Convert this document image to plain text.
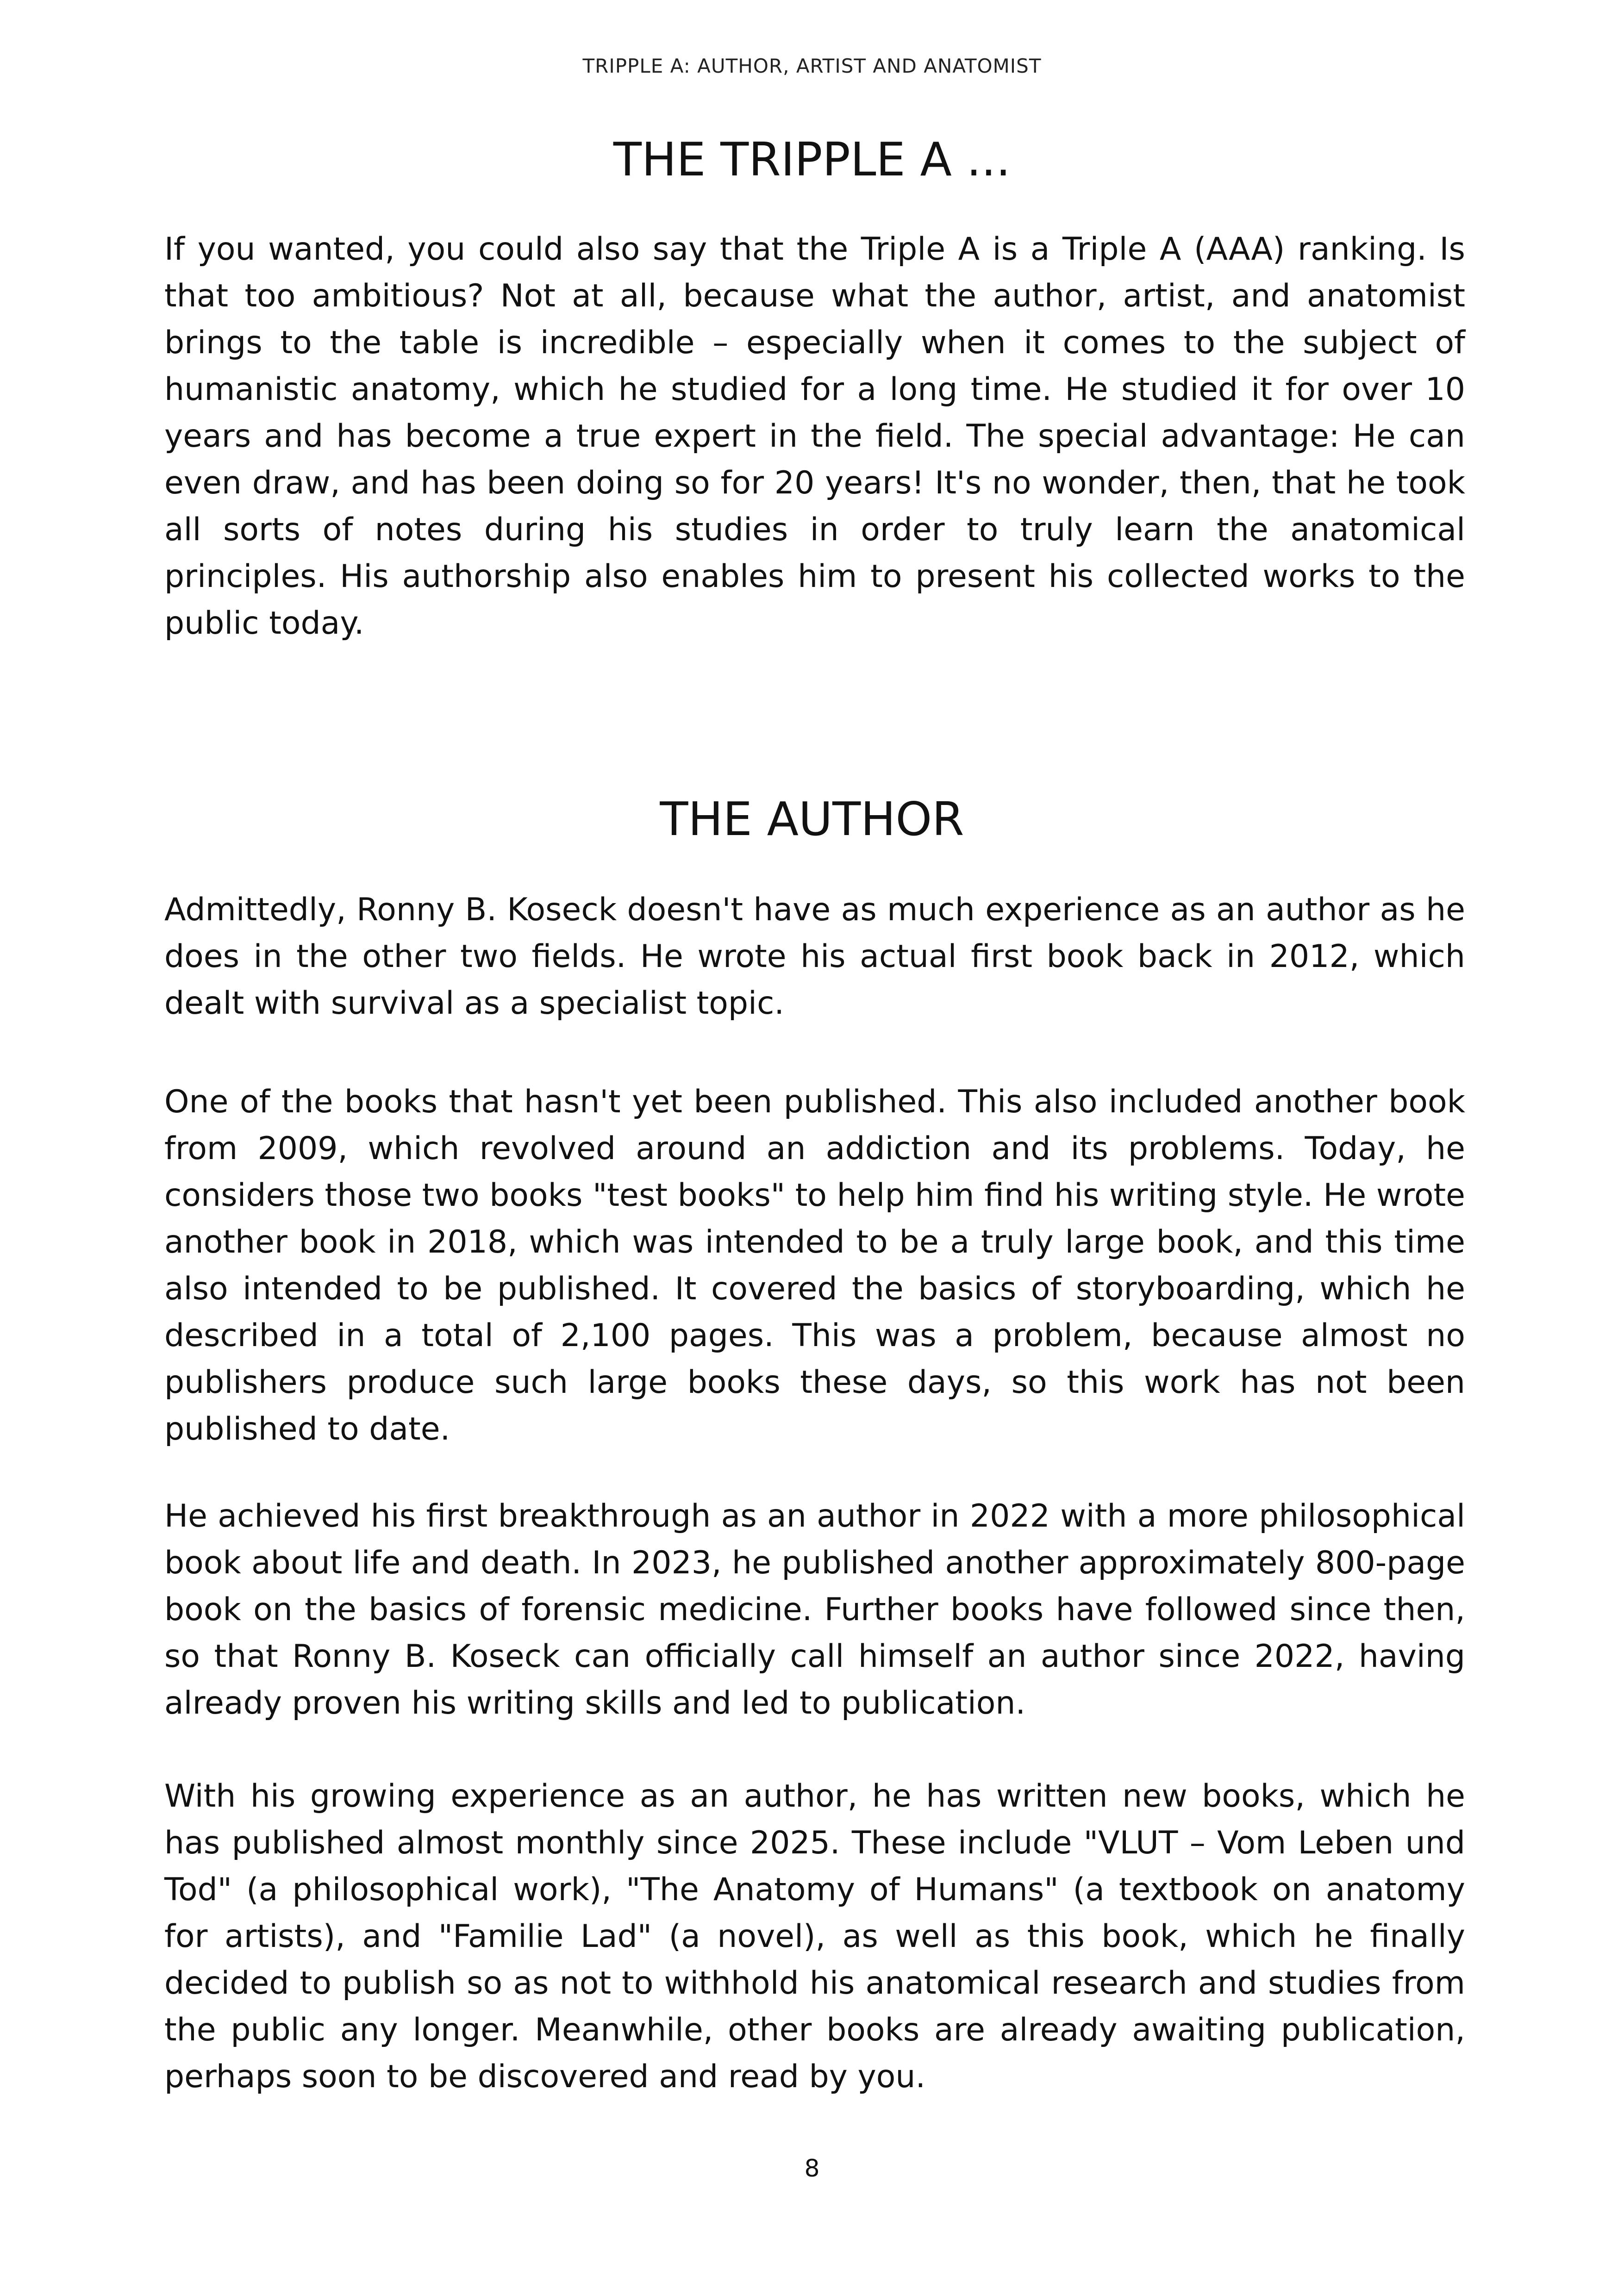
TRIPPLE A: AUTHOR, ARTIST AND ANATOMIST
THE TRIPPLE A ...

If you wanted, you could also say that the Triple A is a Triple A (AAA) ranking. Is that too ambitious? Not at all, because what the author, artist, and anatomist brings to the table is incredible – especially when it comes to the subject of humanistic anatomy, which he studied for a long time. He studied it for over 10 years and has become a true expert in the field. The special advantage: He can even draw, and has been doing so for 20 years! It's no wonder, then, that he took all sorts of notes during his studies in order to truly learn the anatomical principles. His authorship also enables him to present his collected works to the public today.

THE AUTHOR

Admittedly, Ronny B. Koseck doesn't have as much experience as an author as he does in the other two fields. He wrote his actual first book back in 2012, which dealt with survival as a specialist topic.

One of the books that hasn't yet been published. This also included another book from 2009, which revolved around an addiction and its problems. Today, he considers those two books "test books" to help him find his writing style. He wrote another book in 2018, which was intended to be a truly large book, and this time also intended to be published. It covered the basics of storyboarding, which he described in a total of 2,100 pages. This was a problem, because almost no publishers produce such large books these days, so this work has not been published to date.

He achieved his first breakthrough as an author in 2022 with a more philosophical book about life and death. In 2023, he published another approximately 800-page book on the basics of forensic medicine. Further books have followed since then, so that Ronny B. Koseck can officially call himself an author since 2022, having already proven his writing skills and led to publication.

With his growing experience as an author, he has written new books, which he has published almost monthly since 2025. These include "VLUT – Vom Leben und Tod" (a philosophical work), "The Anatomy of Humans" (a textbook on anatomy for artists), and "Familie Lad" (a novel), as well as this book, which he finally decided to publish so as not to withhold his anatomical research and studies from the public any longer. Meanwhile, other books are already awaiting publication, perhaps soon to be discovered and read by you.

8
